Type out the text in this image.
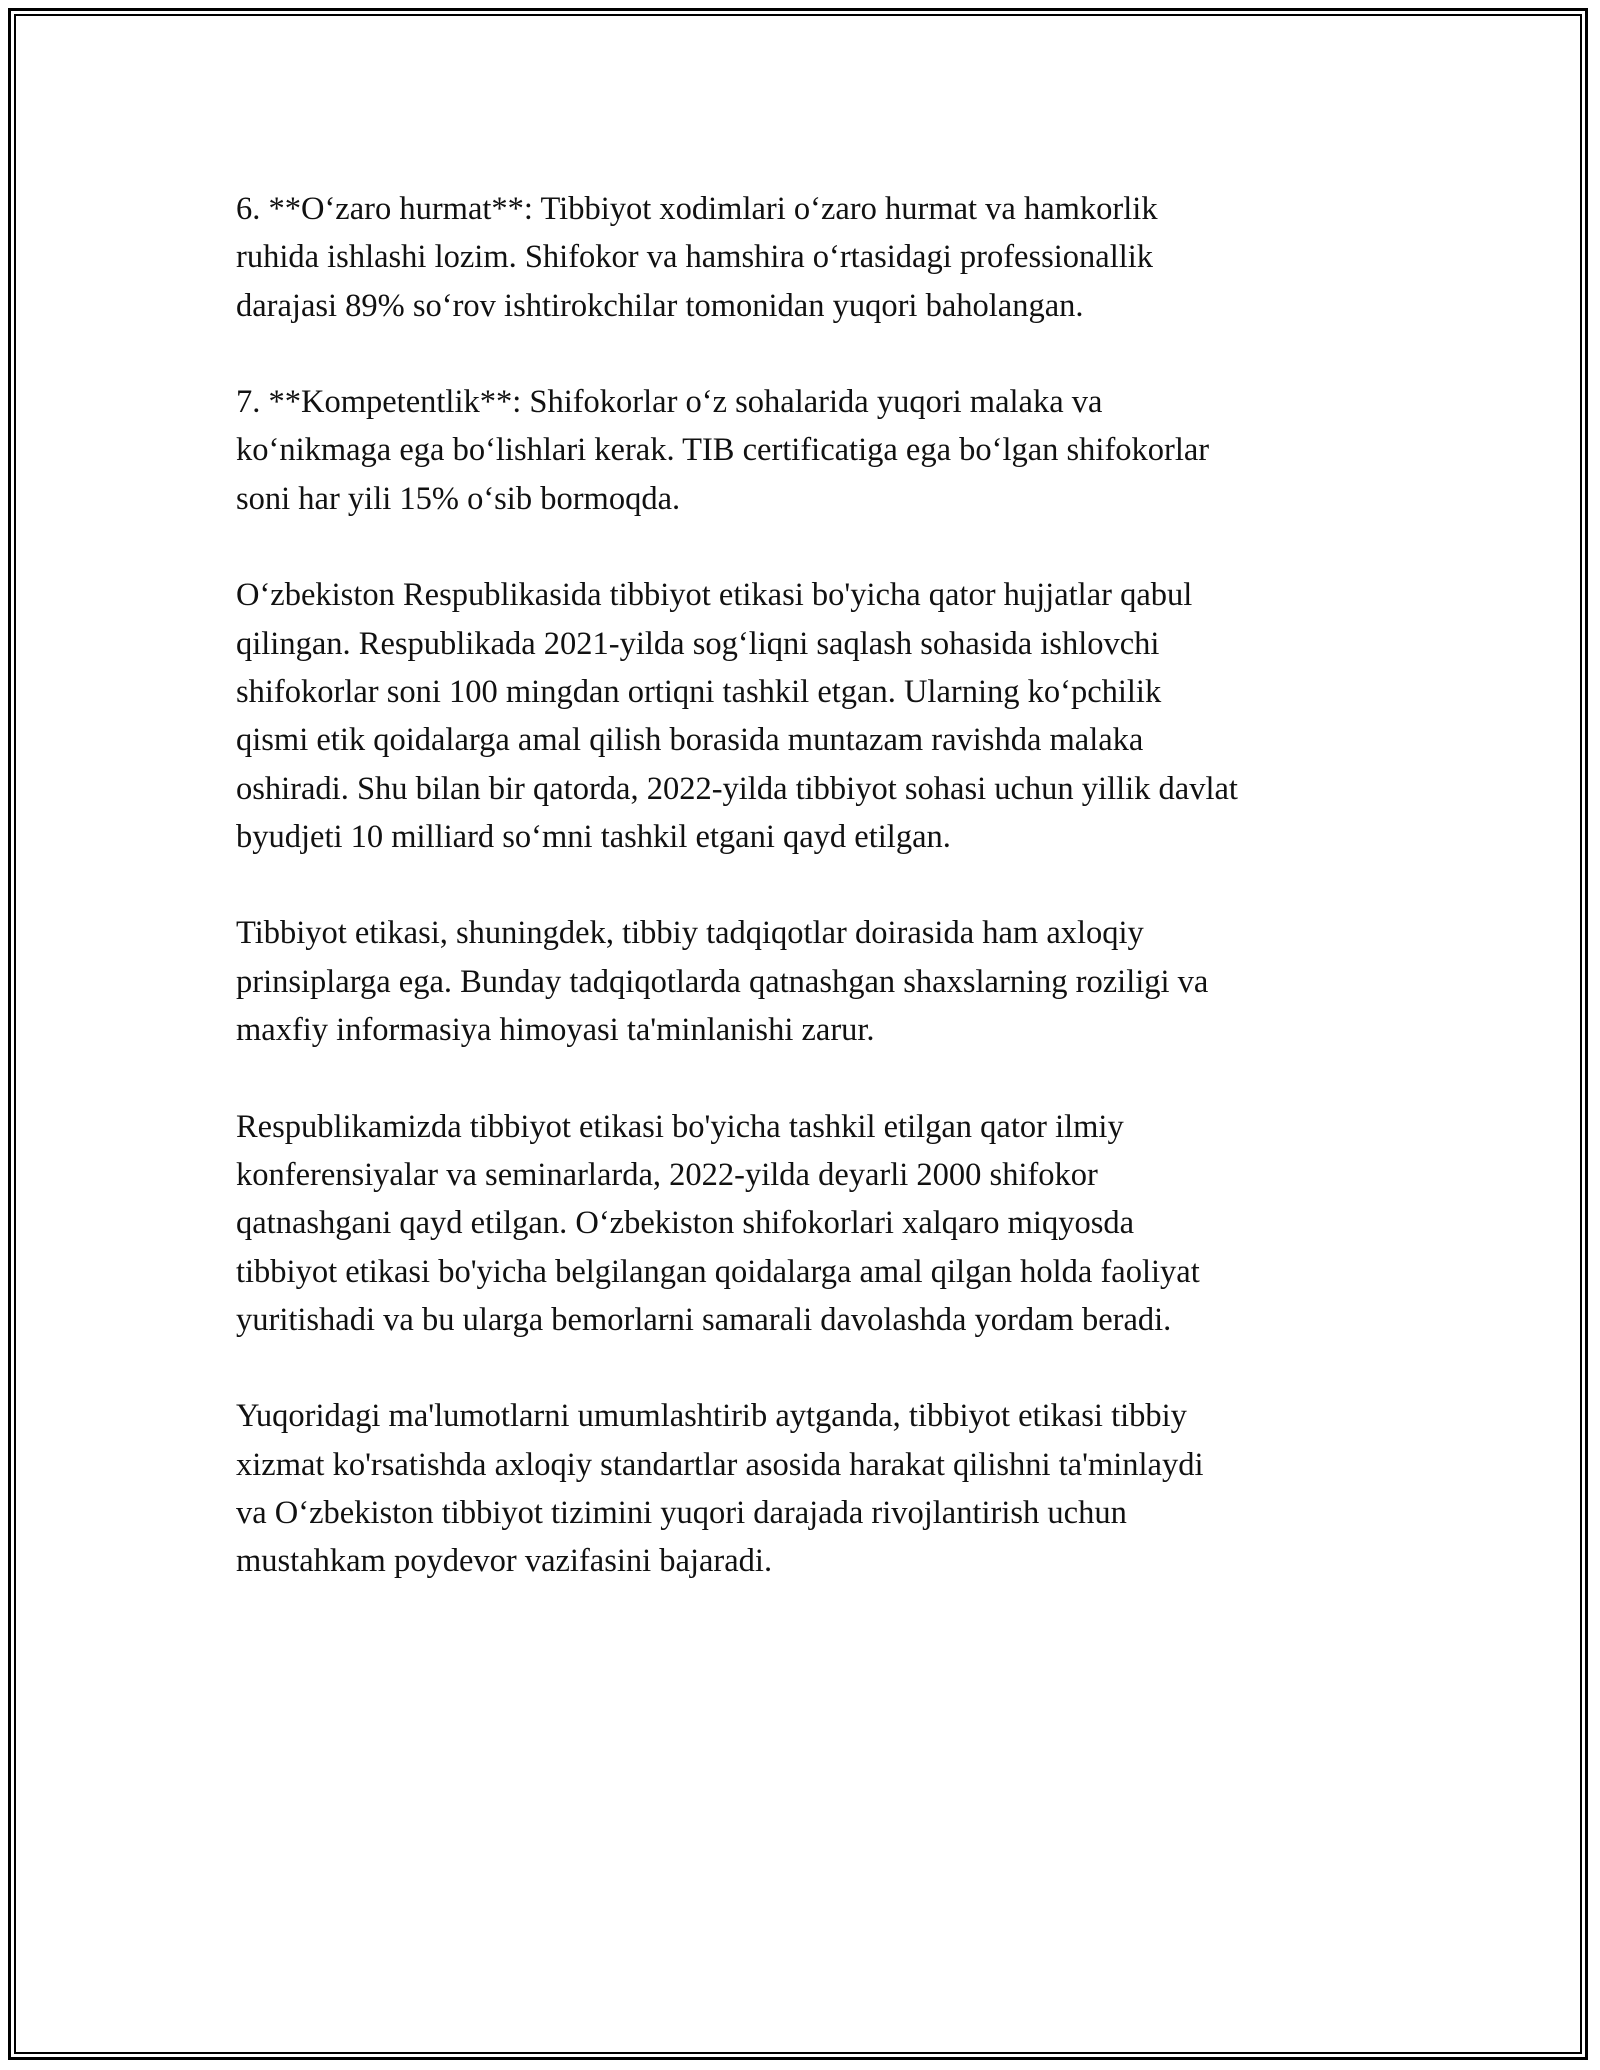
6. **O‘zaro hurmat**: Tibbiyot xodimlari o‘zaro hurmat va hamkorlik
ruhida ishlashi lozim. Shifokor va hamshira o‘rtasidagi professionallik
darajasi 89% so‘rov ishtirokchilar tomonidan yuqori baholangan.

7. **Kompetentlik**: Shifokorlar o‘z sohalarida yuqori malaka va
ko‘nikmaga ega bo‘lishlari kerak. TIB certificatiga ega bo‘lgan shifokorlar
soni har yili 15% o‘sib bormoqda.

O‘zbekiston Respublikasida tibbiyot etikasi bo'yicha qator hujjatlar qabul
qilingan. Respublikada 2021-yilda sog‘liqni saqlash sohasida ishlovchi
shifokorlar soni 100 mingdan ortiqni tashkil etgan. Ularning ko‘pchilik
qismi etik qoidalarga amal qilish borasida muntazam ravishda malaka
oshiradi. Shu bilan bir qatorda, 2022-yilda tibbiyot sohasi uchun yillik davlat
byudjeti 10 milliard so‘mni tashkil etgani qayd etilgan.

Tibbiyot etikasi, shuningdek, tibbiy tadqiqotlar doirasida ham axloqiy
prinsiplarga ega. Bunday tadqiqotlarda qatnashgan shaxslarning roziligi va
maxfiy informasiya himoyasi ta'minlanishi zarur.

Respublikamizda tibbiyot etikasi bo'yicha tashkil etilgan qator ilmiy
konferensiyalar va seminarlarda, 2022-yilda deyarli 2000 shifokor
qatnashgani qayd etilgan. O‘zbekiston shifokorlari xalqaro miqyosda
tibbiyot etikasi bo'yicha belgilangan qoidalarga amal qilgan holda faoliyat
yuritishadi va bu ularga bemorlarni samarali davolashda yordam beradi.

Yuqoridagi ma'lumotlarni umumlashtirib aytganda, tibbiyot etikasi tibbiy
xizmat ko'rsatishda axloqiy standartlar asosida harakat qilishni ta'minlaydi
va O‘zbekiston tibbiyot tizimini yuqori darajada rivojlantirish uchun
mustahkam poydevor vazifasini bajaradi.
